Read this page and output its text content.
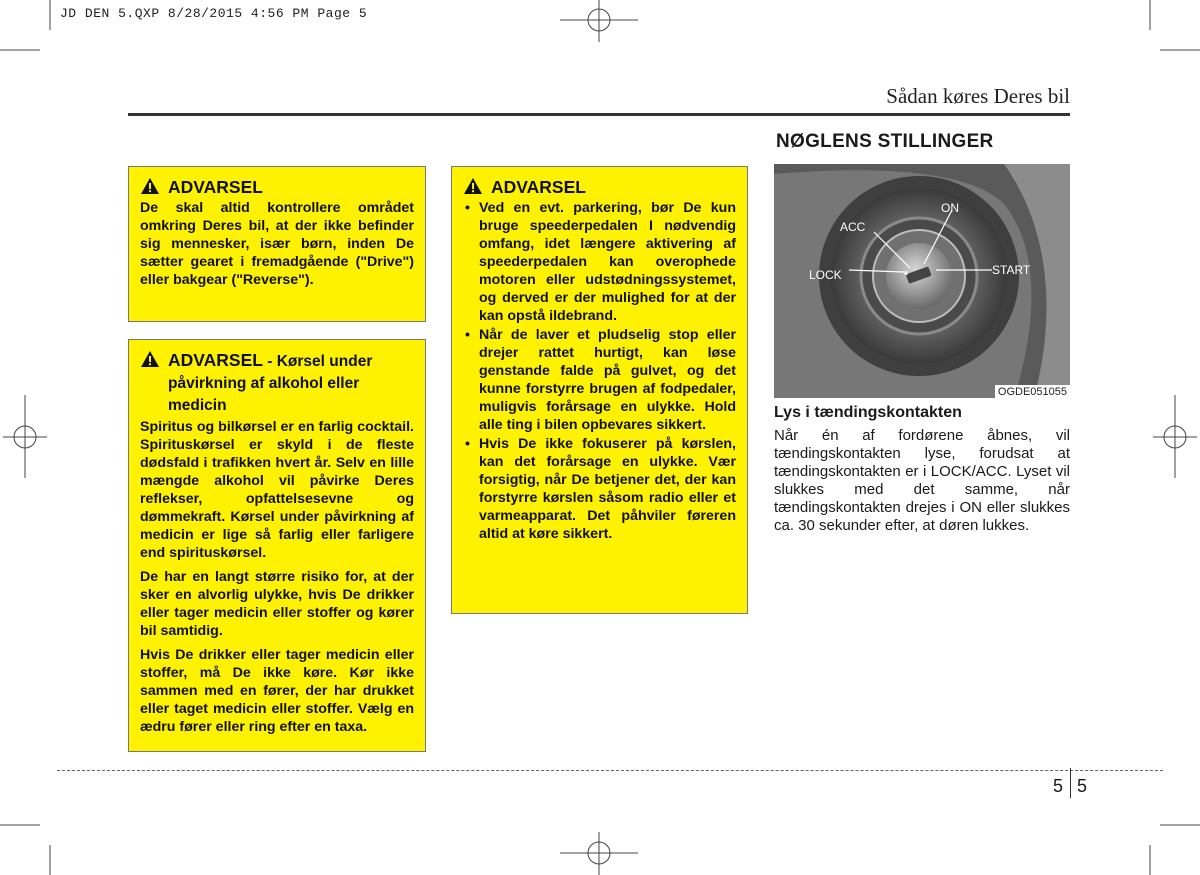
JD DEN 5.QXP 8/28/2015 4:56 PM Page 5
Sådan køres Deres bil
ADVARSEL

De skal altid kontrollere området omkring Deres bil, at der ikke befinder sig mennesker, især børn, inden De sætter gearet i fremadgående ("Drive") eller bakgear ("Reverse").

ADVARSEL - Kørsel under påvirkning af alkohol eller medicin

Spiritus og bilkørsel er en farlig cocktail. Spirituskørsel er skyld i de fleste dødsfald i trafikken hvert år. Selv en lille mængde alkohol vil påvirke Deres reflekser, opfattelsesevne og dømmekraft. Kørsel under påvirkning af medicin er lige så farlig eller farligere end spirituskørsel.

De har en langt større risiko for, at der sker en alvorlig ulykke, hvis De drikker eller tager medicin eller stoffer og kører bil samtidig.

Hvis De drikker eller tager medicin eller stoffer, må De ikke køre. Kør ikke sammen med en fører, der har drukket eller taget medicin eller stoffer. Vælg en ædru fører eller ring efter en taxa.

ADVARSEL
• Ved en evt. parkering, bør De kun bruge speederpedalen I nødvendig omfang, idet længere aktivering af speederpedalen kan overophede motoren eller udstødningssystemet, og derved er der mulighed for at der kan opstå ildebrand.
• Når de laver et pludselig stop eller drejer rattet hurtigt, kan løse genstande falde på gulvet, og det kunne forstyrre brugen af fodpedaler, muligvis forårsage en ulykke. Hold alle ting i bilen opbevares sikkert.
• Hvis De ikke fokuserer på kørslen, kan det forårsage en ulykke. Vær forsigtig, når De betjener det, der kan forstyrre kørslen såsom radio eller et varmeapparat. Det påhviler føreren altid at køre sikkert.
NØGLENS STILLINGER
ON
ACC
LOCK	START
OGDE051055
Lys i tændingskontakten
Når én af fordørene åbnes, vil tændingskontakten lyse, forudsat at tændingskontakten er i LOCK/ACC. Lyset vil slukkes med det samme, når tændingskontakten drejes i ON eller slukkes ca. 30 sekunder efter, at døren lukkes.
5 5
